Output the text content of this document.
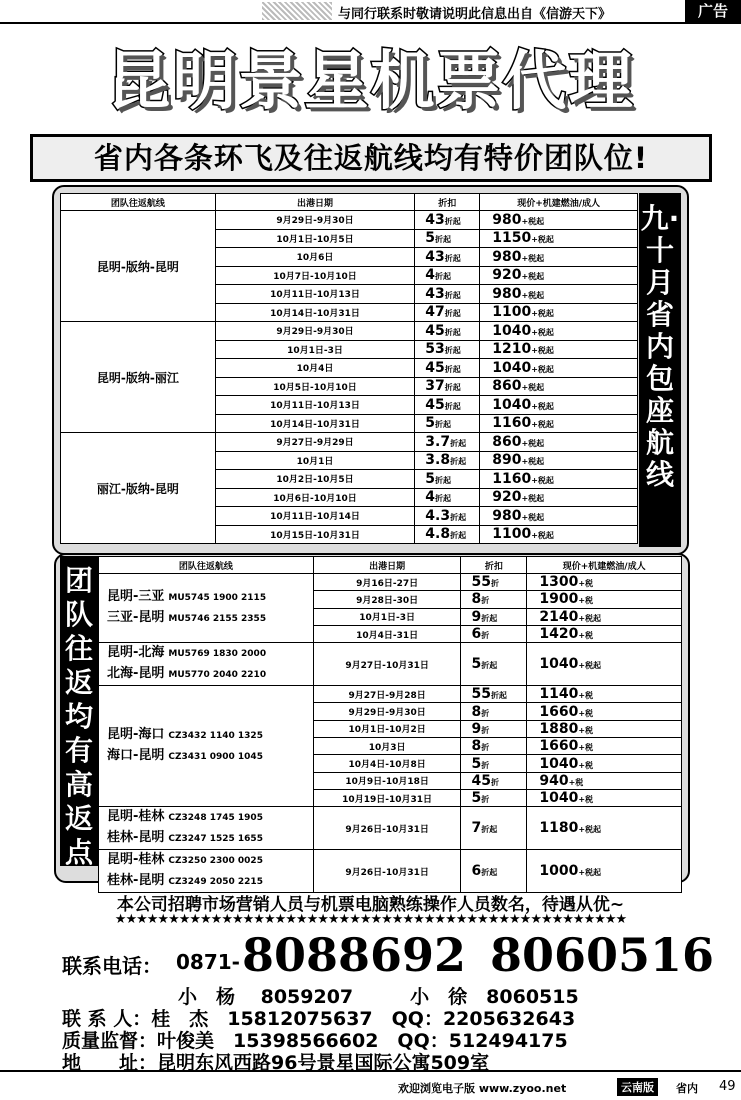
与同行联系时敬请说明此信息出自《信游天下》	广告
昆明景星机票代理
省内各条环飞及往返航线均有特价团队位!
团队往返航线	出港日期	折扣	现价+机建燃油/成人
昆明-版纳-昆明	9月29日-9月30日	43折起	980+税起
	10月1日-10月5日	5折起	1150+税起
	10月6日	43折起	980+税起
	10月7日-10月10日	4折起	920+税起
	10月11日-10月13日	43折起	980+税起
	10月14日-10月31日	47折起	1100+税起
昆明-版纳-丽江	9月29日-9月30日	45折起	1040+税起
	10月1日-3日	53折起	1210+税起
	10月4日	45折起	1040+税起
	10月5日-10月10日	37折起	860+税起
	10月11日-10月13日	45折起	1040+税起
	10月14日-10月31日	5折起	1160+税起
丽江-版纳-昆明	9月27日-9月29日	3.7折起	860+税起
	10月1日	3.8折起	890+税起
	10月2日-10月5日	5折起	1160+税起
	10月6日-10月10日	4折起	920+税起
	10月11日-10月14日	4.3折起	980+税起
	10月15日-10月31日	4.8折起	1100+税起
九·十月省内包座航线
团队往返均有高返点
团队往返航线	出港日期	折扣	现价+机建燃油/成人

昆明-三亚 MU5745 1900 2115
三亚-昆明 MU5746 2155 2355	9月16日-27日	55折	1300+税
	9月28日-30日	8折	1900+税
	10月1日-3日	9折起	2140+税起
	10月4日-31日	6折	1420+税

昆明-北海 MU5769 1830 2000
北海-昆明 MU5770 2040 2210	9月27日-10月31日	5折起	1040+税起

昆明-海口 CZ3432 1140 1325
海口-昆明 CZ3431 0900 1045	9月27日-9月28日	55折起	1140+税
	9月29日-9月30日	8折	1660+税
	10月1日-10月2日	9折	1880+税
	10月3日	8折	1660+税
	10月4日-10月8日	5折	1040+税
	10月9日-10月18日	45折	940+税
	10月19日-10月31日	5折	1040+税

昆明-桂林 CZ3248 1745 1905
桂林-昆明 CZ3247 1525 1655	9月26日-10月31日	7折起	1180+税起

昆明-桂林 CZ3250 2300 0025
桂林-昆明 CZ3249 2050 2215	9月26日-10月31日	6折起	1000+税起
本公司招聘市场营销人员与机票电脑熟练操作人员数名，待遇从优~
★★★★★★★★★★★★★★★★★★★★★★★★★★★★★★★★★★★★★★★★★★★★★★★★
联系电话： 0871- 8088692 8060516
小　杨　 8059207　　　小　徐　8060515
联 系 人：桂　杰　15812075637　QQ：2205632643
质量监督：叶俊美　15398566602　QQ：512494175
地　　址：昆明东风西路96号景星国际公寓509室
欢迎浏览电子版 www.zyoo.net	云南版	省内 49
